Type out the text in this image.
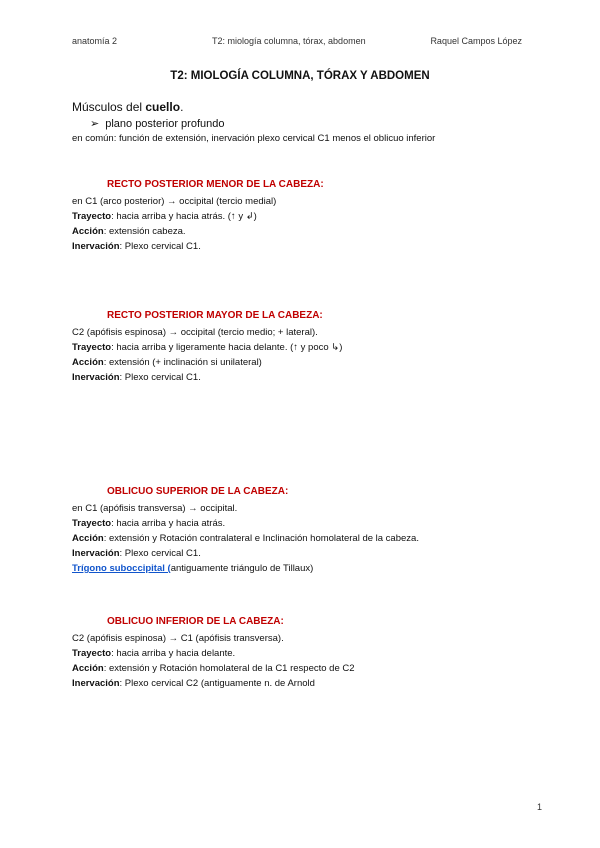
anatomía 2	T2: miología columna, tórax, abdomen	Raquel Campos López
T2: MIOLOGÍA COLUMNA, TÓRAX Y ABDOMEN
Músculos del cuello.
➢ plano posterior profundo
en común: función de extensión, inervación plexo cervical C1 menos el oblicuo inferior
RECTO POSTERIOR MENOR DE LA CABEZA:
en C1 (arco posterior) → occipital (tercio medial)
Trayecto: hacia arriba y hacia atrás. (↑ y ↲)
Acción: extensión cabeza.
Inervación: Plexo cervical C1.
RECTO POSTERIOR MAYOR DE LA CABEZA:
C2 (apófisis espinosa) → occipital (tercio medio; + lateral).
Trayecto: hacia arriba y ligeramente hacia delante. (↑ y poco ↳)
Acción: extensión (+ inclinación si unilateral)
Inervación: Plexo cervical C1.
OBLICUO SUPERIOR DE LA CABEZA:
en C1 (apófisis transversa) → occipital.
Trayecto: hacia arriba y hacia atrás.
Acción: extensión y Rotación contralateral e Inclinación homolateral de la cabeza.
Inervación: Plexo cervical C1.
Trígono suboccipital (antiguamente triángulo de Tillaux)
OBLICUO INFERIOR DE LA CABEZA:
C2 (apófisis espinosa) → C1 (apófisis transversa).
Trayecto: hacia arriba y hacia delante.
Acción: extensión y Rotación homolateral de la C1 respecto de C2
Inervación: Plexo cervical C2 (antiguamente n. de Arnold
1
